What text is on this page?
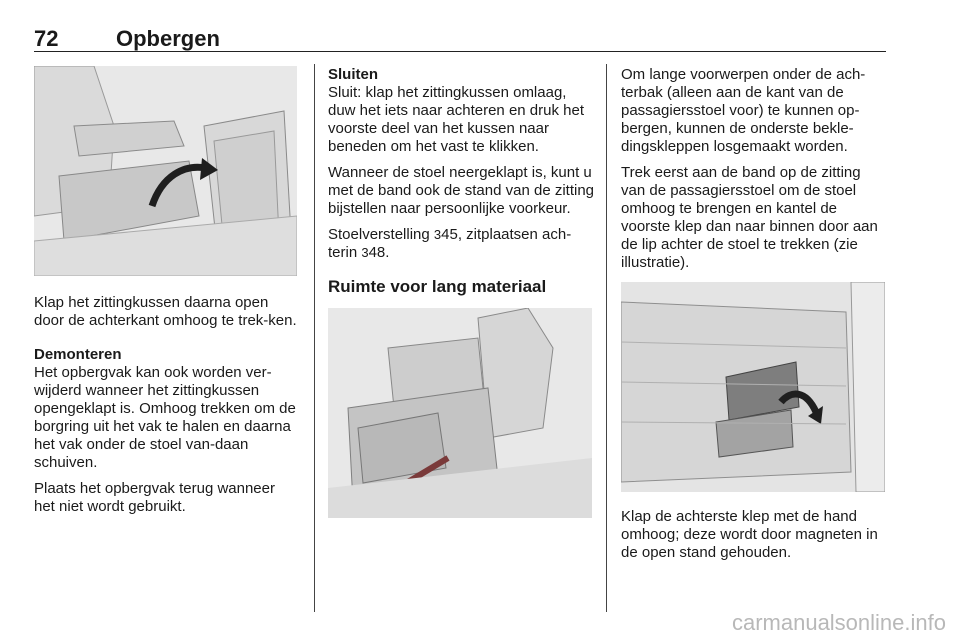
72	Opbergen

Klap het zittingkussen daarna open door de achterkant omhoog te trek-ken.

Demonteren

Het opbergvak kan ook worden ver-wijderd wanneer het zittingkussen opengeklapt is. Omhoog trekken om de borgring uit het vak te halen en daarna het vak onder de stoel van-daan schuiven.

Plaats het opbergvak terug wanneer het niet wordt gebruikt.

Sluiten

Sluit: klap het zittingkussen omlaag, duw het iets naar achteren en druk het voorste deel van het kussen naar beneden om het vast te klikken.

Wanneer de stoel neergeklapt is, kunt u met de band ook de stand van de zitting bijstellen naar persoonlijke voorkeur.

Stoelverstelling 345, zitplaatsen ach-terin 348.

Ruimte voor lang materiaal

Om lange voorwerpen onder de ach-terbak (alleen aan de kant van de passagiersstoel voor) te kunnen op-bergen, kunnen de onderste bekle-dingskleppen losgemaakt worden.

Trek eerst aan de band op de zitting van de passagiersstoel om de stoel omhoog te brengen en kantel de voorste klep dan naar binnen door aan de lip achter de stoel te trekken (zie illustratie).

Klap de achterste klep met de hand omhoog; deze wordt door magneten in de open stand gehouden.

carmanualsonline.info
